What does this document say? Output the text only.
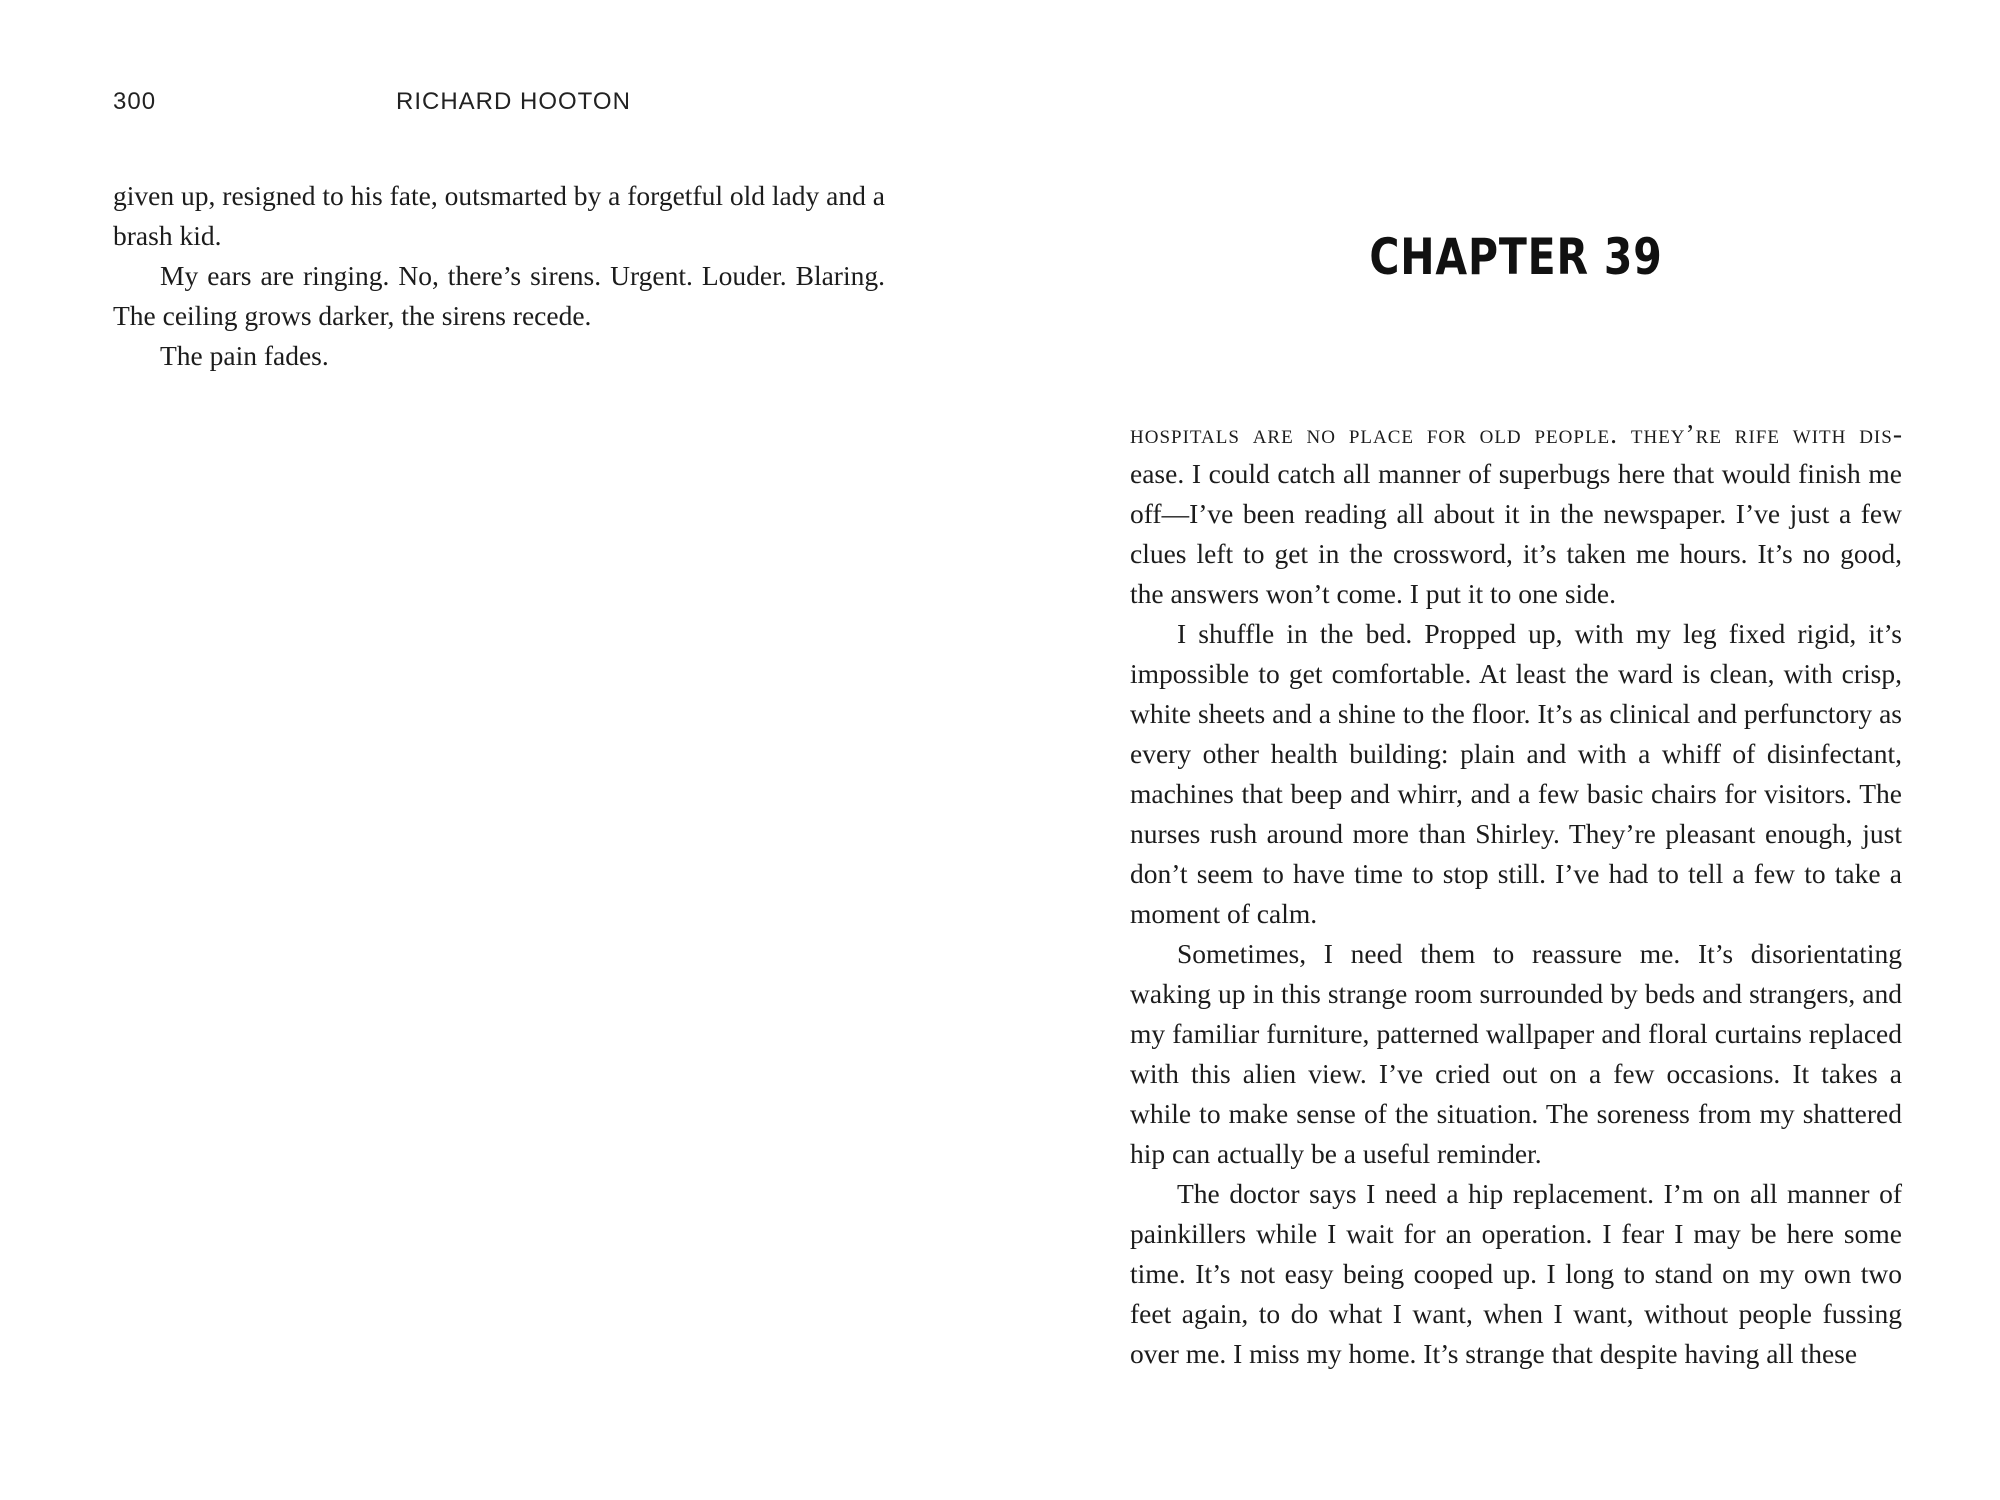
300	RICHARD HOOTON

given up, resigned to his fate, outsmarted by a forgetful old lady and a brash kid.

My ears are ringing. No, there’s sirens. Urgent. Louder. Blaring. The ceiling grows darker, the sirens recede.

The pain fades.

CHAPTER 39

hospitals are no place for old people. they’re rife with dis-ease. I could catch all manner of superbugs here that would finish me off—I’ve been reading all about it in the newspaper. I’ve just a few clues left to get in the crossword, it’s taken me hours. It’s no good, the answers won’t come. I put it to one side.

I shuffle in the bed. Propped up, with my leg fixed rigid, it’s impossible to get comfortable. At least the ward is clean, with crisp, white sheets and a shine to the floor. It’s as clinical and perfunctory as every other health building: plain and with a whiff of disinfectant, machines that beep and whirr, and a few basic chairs for visitors. The nurses rush around more than Shirley. They’re pleasant enough, just don’t seem to have time to stop still. I’ve had to tell a few to take a moment of calm.

Sometimes, I need them to reassure me. It’s disorientating waking up in this strange room surrounded by beds and strangers, and my familiar furniture, patterned wallpaper and floral curtains replaced with this alien view. I’ve cried out on a few occasions. It takes a while to make sense of the situation. The soreness from my shattered hip can actually be a useful reminder.

The doctor says I need a hip replacement. I’m on all manner of painkillers while I wait for an operation. I fear I may be here some time. It’s not easy being cooped up. I long to stand on my own two feet again, to do what I want, when I want, without people fussing over me. I miss my home. It’s strange that despite having all these
